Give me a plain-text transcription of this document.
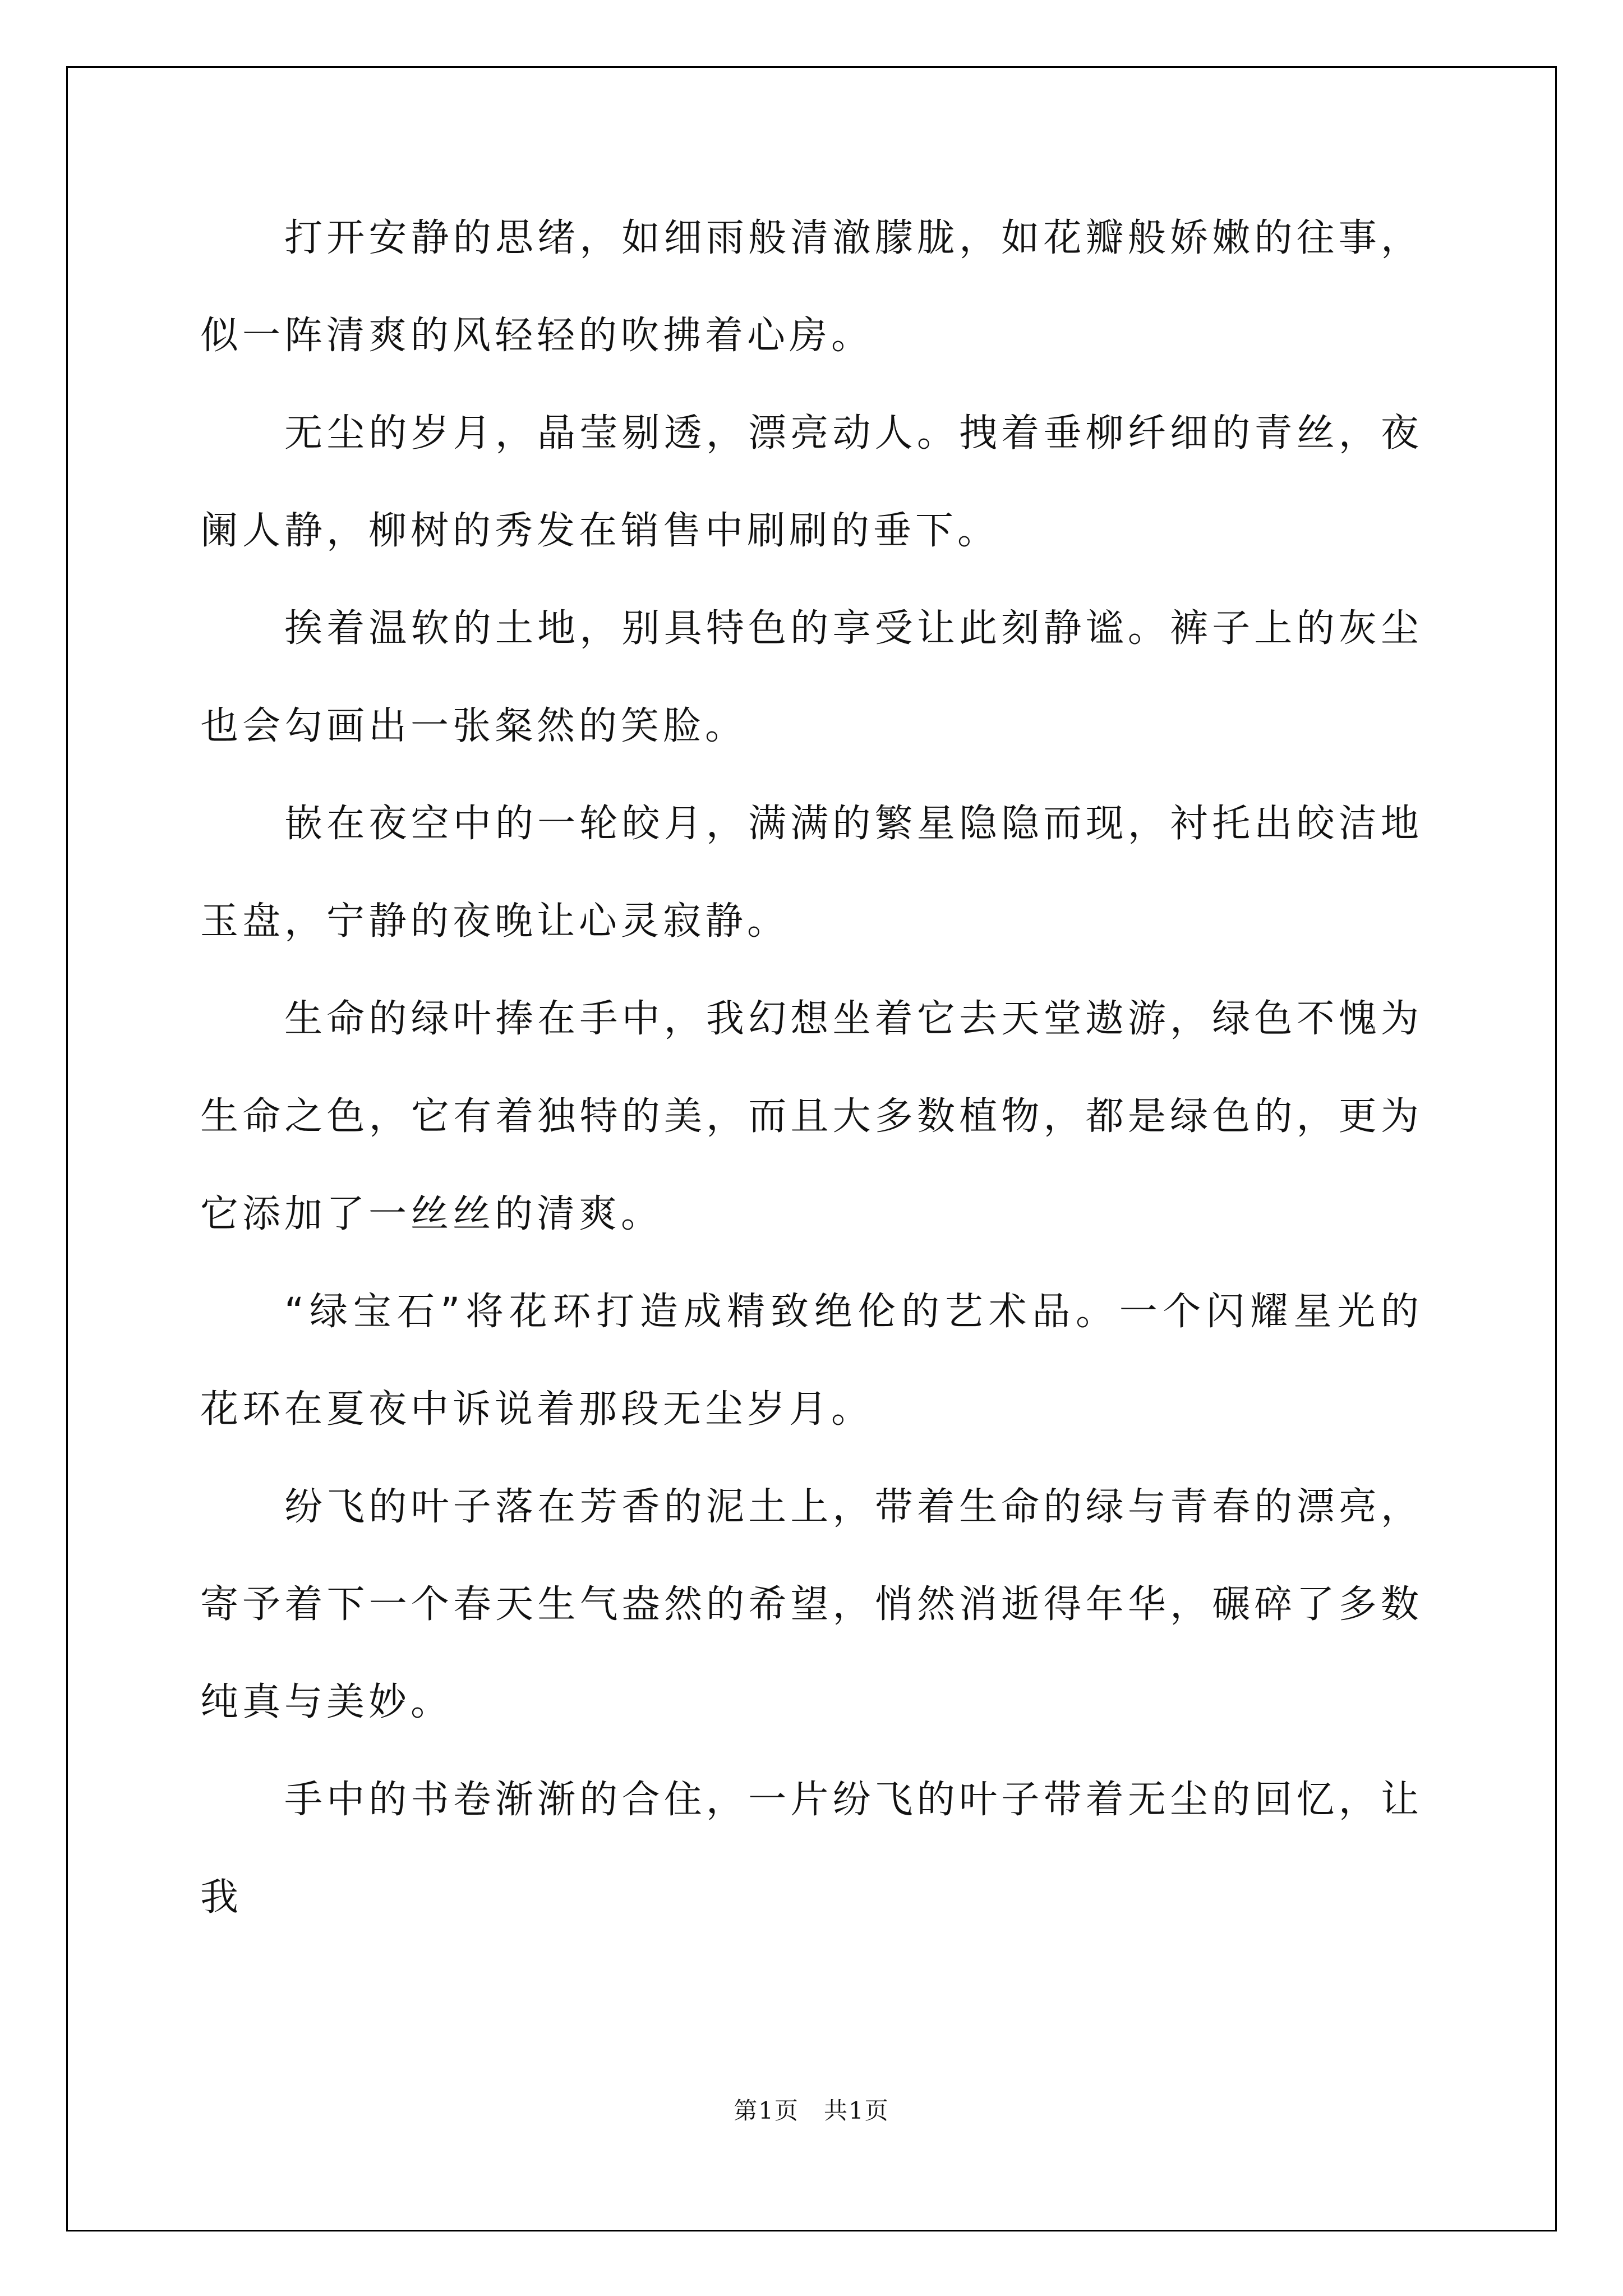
打开安静的思绪，如细雨般清澈朦胧，如花瓣般娇嫩的往事，似一阵清爽的风轻轻的吹拂着心房。

无尘的岁月，晶莹剔透，漂亮动人。拽着垂柳纤细的青丝，夜阑人静，柳树的秀发在销售中刷刷的垂下。

挨着温软的土地，别具特色的享受让此刻静谧。裤子上的灰尘也会勾画出一张粲然的笑脸。

嵌在夜空中的一轮皎月，满满的繁星隐隐而现，衬托出皎洁地玉盘，宁静的夜晚让心灵寂静。

生命的绿叶捧在手中，我幻想坐着它去天堂遨游，绿色不愧为生命之色，它有着独特的美，而且大多数植物，都是绿色的，更为它添加了一丝丝的清爽。

“绿宝石”将花环打造成精致绝伦的艺术品。一个闪耀星光的花环在夏夜中诉说着那段无尘岁月。

纷飞的叶子落在芳香的泥土上，带着生命的绿与青春的漂亮，寄予着下一个春天生气盎然的希望，悄然消逝得年华，碾碎了多数纯真与美妙。

手中的书卷渐渐的合住，一片纷飞的叶子带着无尘的回忆，让我

第1页　共1页
